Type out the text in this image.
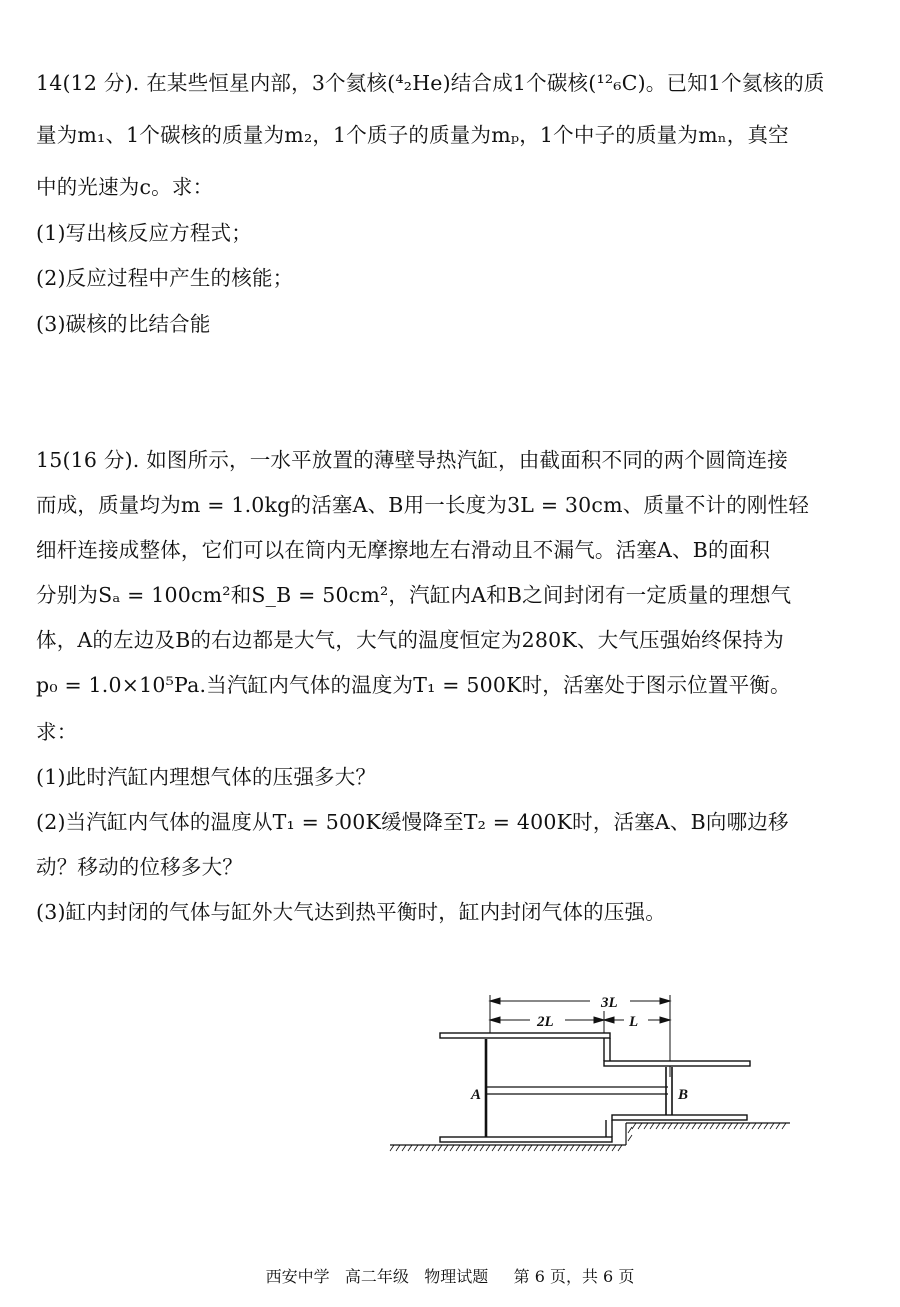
14(12 分). 在某些恒星内部，3个氦核(⁴₂He)结合成1个碳核(¹²₆C)。已知1个氦核的质
量为m₁、1个碳核的质量为m₂，1个质子的质量为mₚ，1个中子的质量为mₙ，真空
中的光速为c。求：
(1)写出核反应方程式；
(2)反应过程中产生的核能；
(3)碳核的比结合能
15(16 分). 如图所示，一水平放置的薄壁导热汽缸，由截面积不同的两个圆筒连接
而成，质量均为m = 1.0kg的活塞A、B用一长度为3L = 30cm、质量不计的刚性轻
细杆连接成整体，它们可以在筒内无摩擦地左右滑动且不漏气。活塞A、B的面积
分别为Sₐ = 100cm²和S_B = 50cm²，汽缸内A和B之间封闭有一定质量的理想气
体，A的左边及B的右边都是大气，大气的温度恒定为280K、大气压强始终保持为
p₀ = 1.0×10⁵Pa.当汽缸内气体的温度为T₁ = 500K时，活塞处于图示位置平衡。
求：
(1)此时汽缸内理想气体的压强多大？
(2)当汽缸内气体的温度从T₁ = 500K缓慢降至T₂ = 400K时，活塞A、B向哪边移
动？移动的位移多大？
(3)缸内封闭的气体与缸外大气达到热平衡时，缸内封闭气体的压强。
3L
2L	L
A	B
西安中学   高二年级   物理试题     第 6 页，共 6 页
